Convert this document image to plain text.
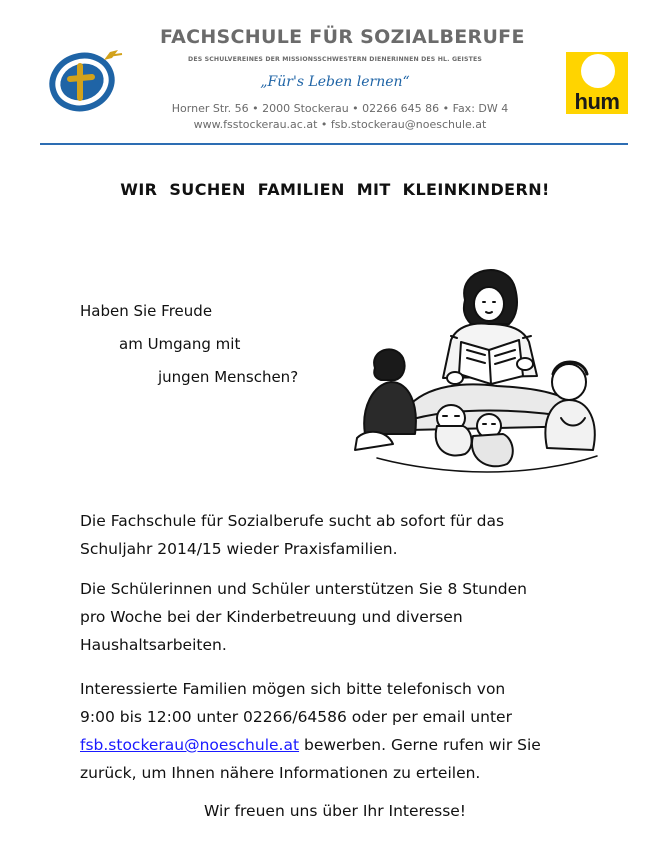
FACHSCHULE FÜR SOZIALBERUFE
DES SCHULVEREINES DER MISSIONSSCHWESTERN DIENERINNEN DES HL. GEISTES
„Für's Leben lernen“
Horner Str. 56 • 2000 Stockerau • 02266 645 86 • Fax: DW 4
www.fsstockerau.ac.at • fsb.stockerau@noeschule.at
hum
WIR SUCHEN FAMILIEN MIT KLEINKINDERN!
Haben Sie Freude
am Umgang mit
jungen Menschen?
Die Fachschule für Sozialberufe sucht ab sofort für das
Schuljahr 2014/15 wieder Praxisfamilien.
Die Schülerinnen und Schüler unterstützen Sie 8 Stunden
pro Woche bei der Kinderbetreuung und diversen
Haushaltsarbeiten.
Interessierte Familien mögen sich bitte telefonisch von
9:00 bis 12:00 unter 02266/64586 oder per email unter
fsb.stockerau@noeschule.at bewerben. Gerne rufen wir Sie
zurück, um Ihnen nähere Informationen zu erteilen.
Wir freuen uns über Ihr Interesse!
